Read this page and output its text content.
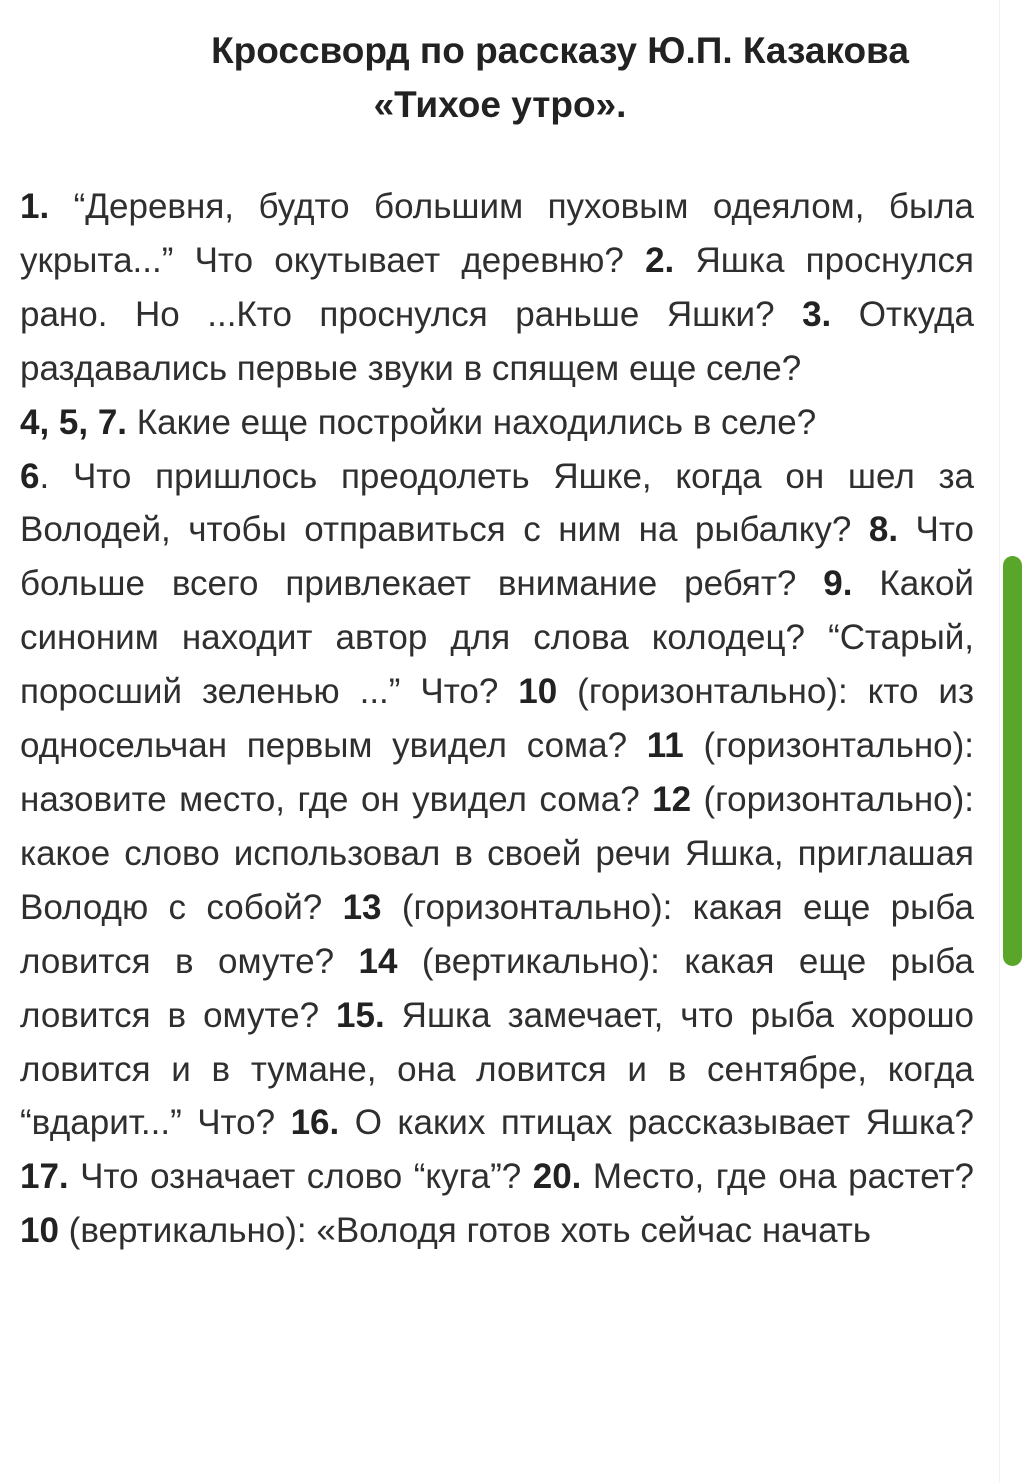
Кроссворд по рассказу Ю.П. Казакова
«Тихое утро».

1. “Деревня, будто большим пуховым одеялом, была укрыта...” Что окутывает деревню? 2. Яшка проснулся рано. Но ...Кто проснулся раньше Яшки? 3. Откуда раздавались первые звуки в спящем еще селе?

4, 5, 7. Какие еще постройки находились в селе?

6. Что пришлось преодолеть Яшке, когда он шел за Володей, чтобы отправиться с ним на рыбалку? 8. Что больше всего привлекает внимание ребят? 9. Какой синоним находит автор для слова колодец? “Старый, поросший зеленью ...” Что? 10 (горизонтально): кто из односельчан первым увидел сома? 11 (горизонтально): назовите место, где он увидел сома? 12 (горизонтально): какое слово использовал в своей речи Яшка, приглашая Володю с собой? 13 (горизонтально): какая еще рыба ловится в омуте? 14 (вертикально): какая еще рыба ловится в омуте? 15. Яшка замечает, что рыба хорошо ловится и в тумане, она ловится и в сентябре, когда “вдарит...” Что? 16. О каких птицах рассказывает Яшка? 17. Что означает слово “куга”? 20. Место, где она растет? 10 (вертикально): «Володя готов хоть сейчас начать
